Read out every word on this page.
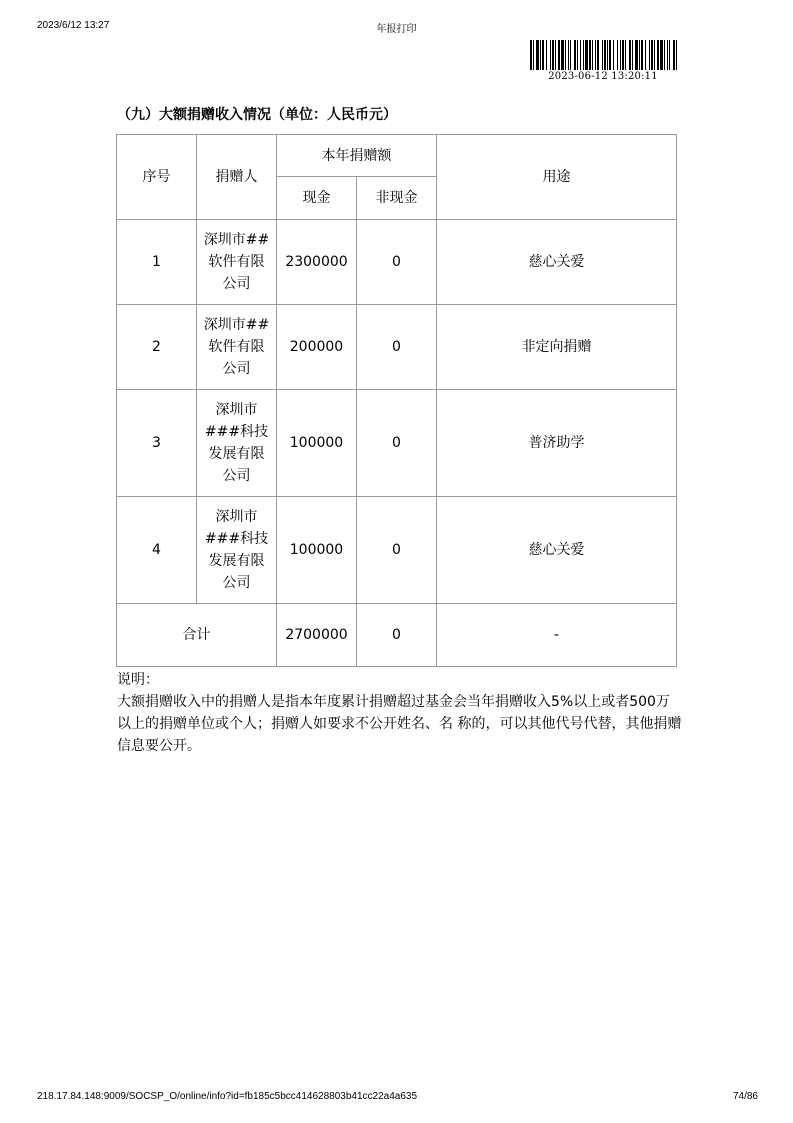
2023/6/12 13:27	年报打印
2023-06-12 13:20:11
（九）大额捐赠收入情况（单位：人民币元）
序号	捐赠人	本年捐赠额		用途
		现金	非现金	
1	深圳市##软件有限公司	2300000	0	慈心关爱
2	深圳市##软件有限公司	200000	0	非定向捐赠
3	深圳市###科技发展有限公司	100000	0	普济助学
4	深圳市###科技发展有限公司	100000	0	慈心关爱
合计		2700000	0	-
说明：
大额捐赠收入中的捐赠人是指本年度累计捐赠超过基金会当年捐赠收入5%以上或者500万以上的捐赠单位或个人；捐赠人如要求不公开姓名、名 称的，可以其他代号代替，其他捐赠信息要公开。
218.17.84.148:9009/SOCSP_O/online/info?id=fb185c5bcc414628803b41cc22a4a635	74/86
